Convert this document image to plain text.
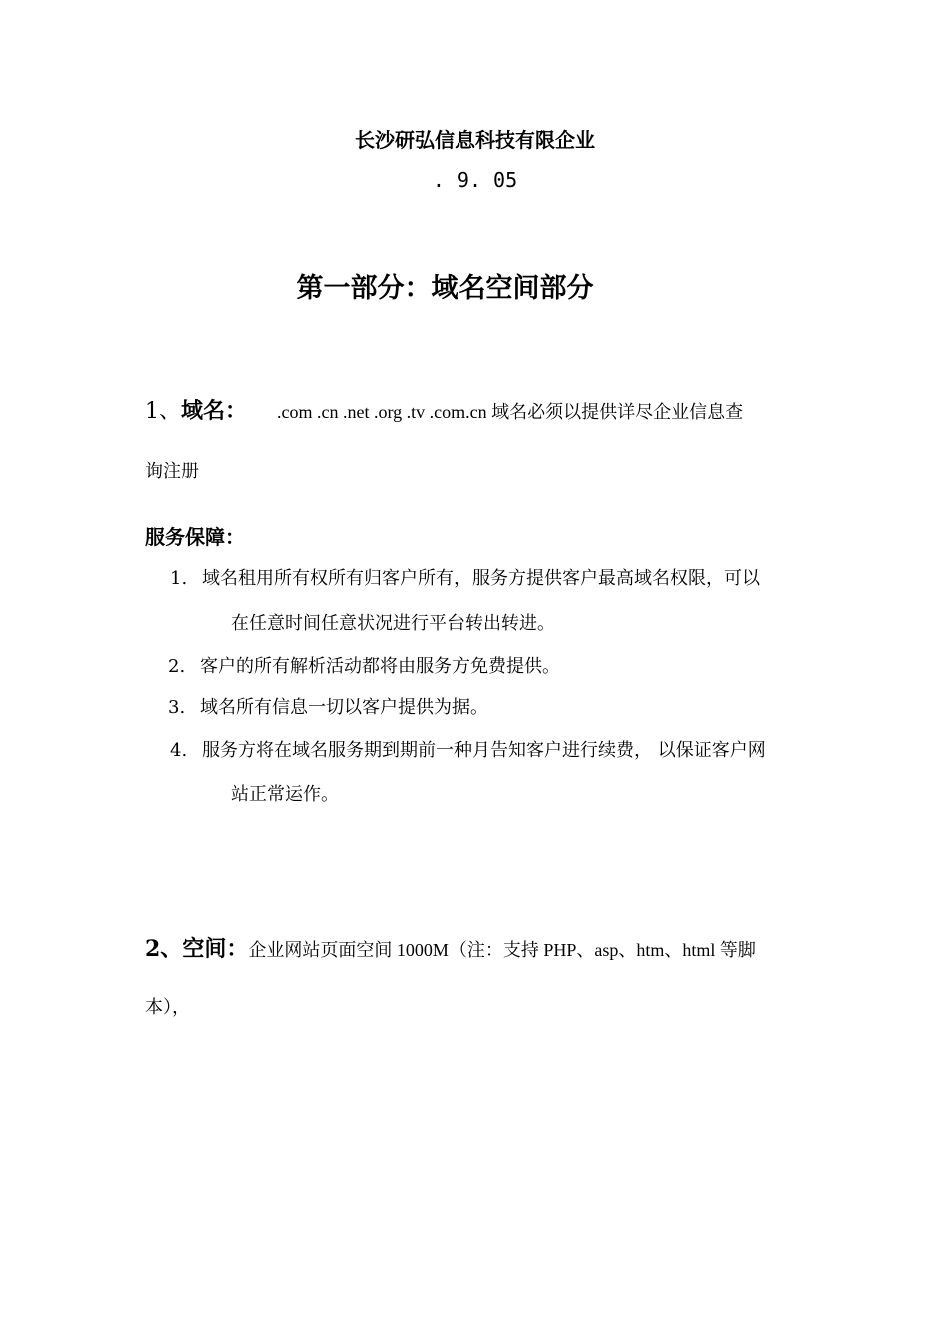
长沙研弘信息科技有限企业
. 9. 05
第一部分：域名空间部分
1、域名： .com .cn .net .org .tv .com.cn 域名必须以提供详尽企业信息查
询注册
服务保障：
1. 域名租用所有权所有归客户所有，服务方提供客户最高域名权限，可以
在任意时间任意状况进行平台转出转进。
2. 客户的所有解析活动都将由服务方免费提供。
3. 域名所有信息一切以客户提供为据。
4. 服务方将在域名服务期到期前一种月告知客户进行续费， 以保证客户网
站正常运作。
2、空间：企业网站页面空间 1000M（注：支持 PHP、asp、htm、html 等脚
本），
